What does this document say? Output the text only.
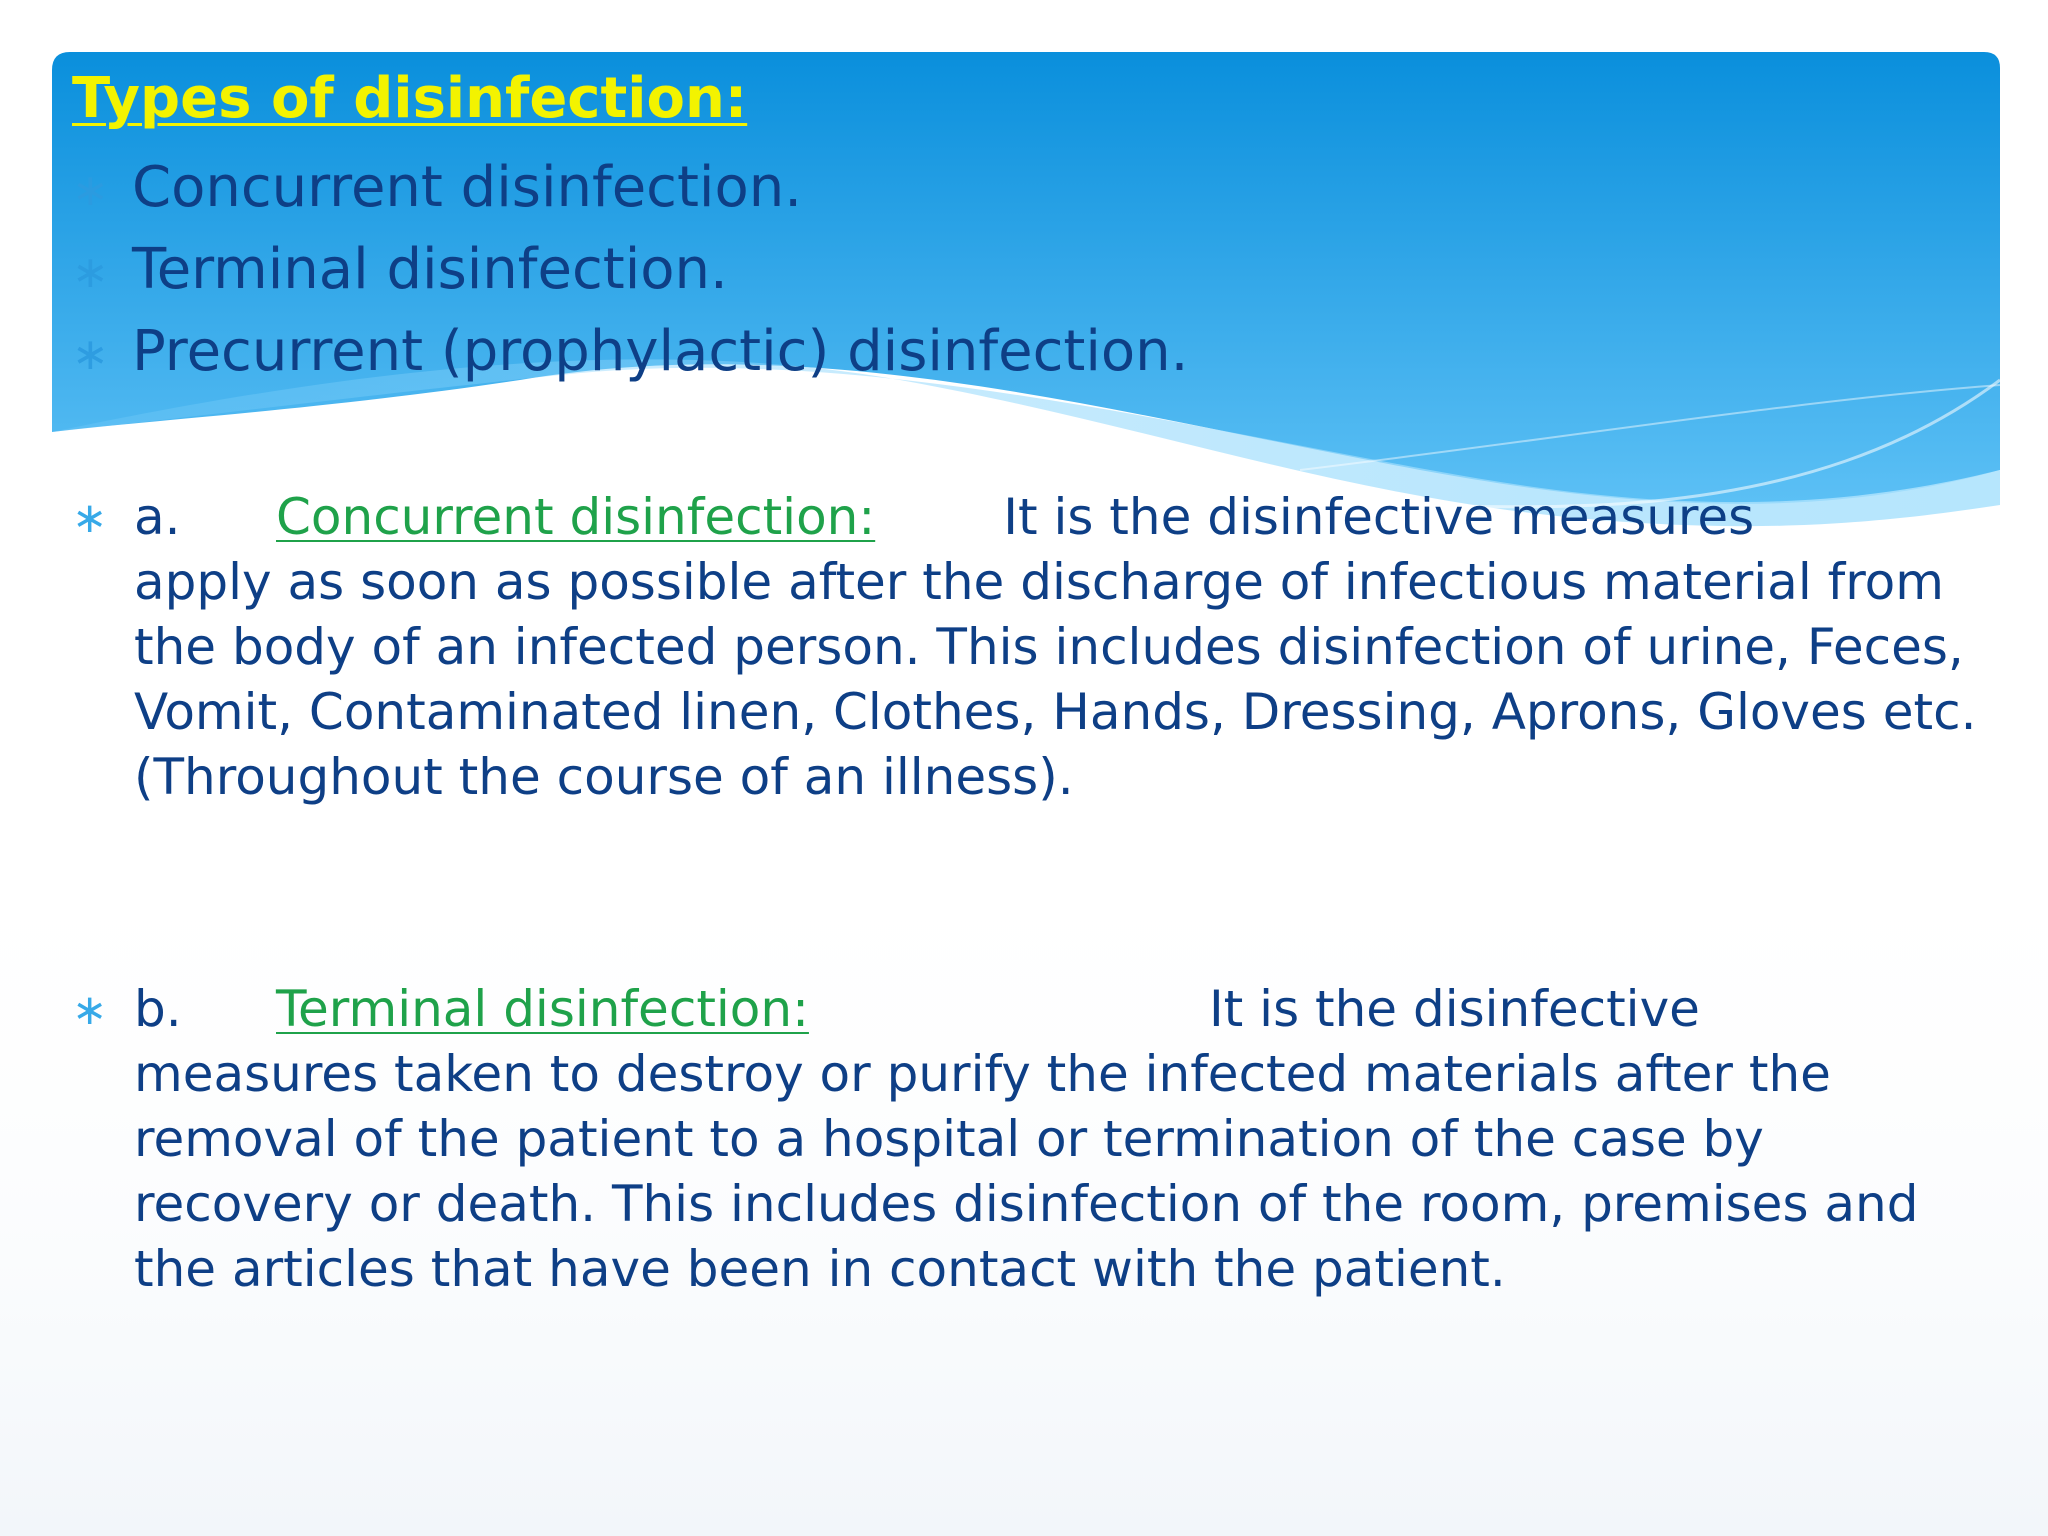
Types of disinfection:
∗ Concurrent disinfection.
∗ Terminal disinfection.
∗ Precurrent (prophylactic) disinfection.
∗ a. Concurrent disinfection:	It is the disinfective measures
apply as soon as possible after the discharge of infectious material from the body of an infected person. This includes disinfection of urine, Feces, Vomit, Contaminated linen, Clothes, Hands, Dressing, Aprons, Gloves etc. (Throughout the course of an illness).
∗ b. Terminal disinfection:	It is the disinfective
measures taken to destroy or purify the infected materials after the removal of the patient to a hospital or termination of the case by recovery or death. This includes disinfection of the room, premises and the articles that have been in contact with the patient.
